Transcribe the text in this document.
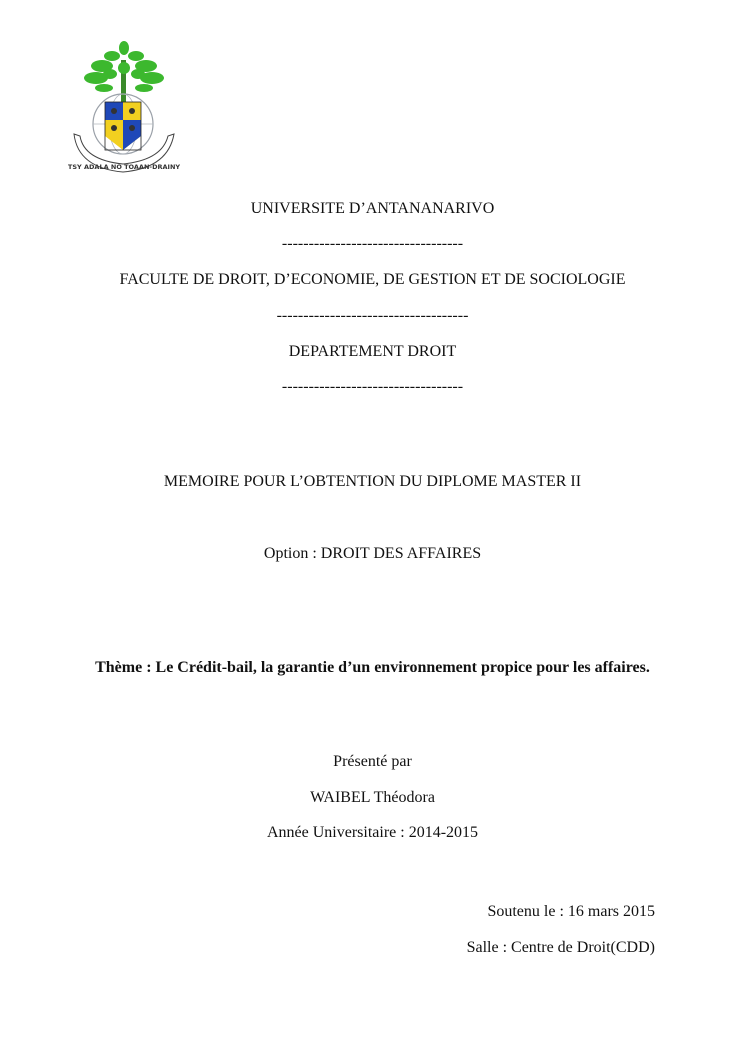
TSY ADALA NO TOAAN-DRAINY
UNIVERSITE D’ANTANANARIVO
----------------------------------
FACULTE DE DROIT, D’ECONOMIE, DE GESTION ET DE SOCIOLOGIE
------------------------------------
DEPARTEMENT DROIT
----------------------------------
MEMOIRE POUR L’OBTENTION DU DIPLOME MASTER II
Option : DROIT DES AFFAIRES
Thème : Le Crédit-bail, la garantie d’un environnement propice pour les affaires.
Présenté par
WAIBEL Théodora
Année Universitaire : 2014-2015
Soutenu le : 16 mars 2015
Salle : Centre de Droit(CDD)
